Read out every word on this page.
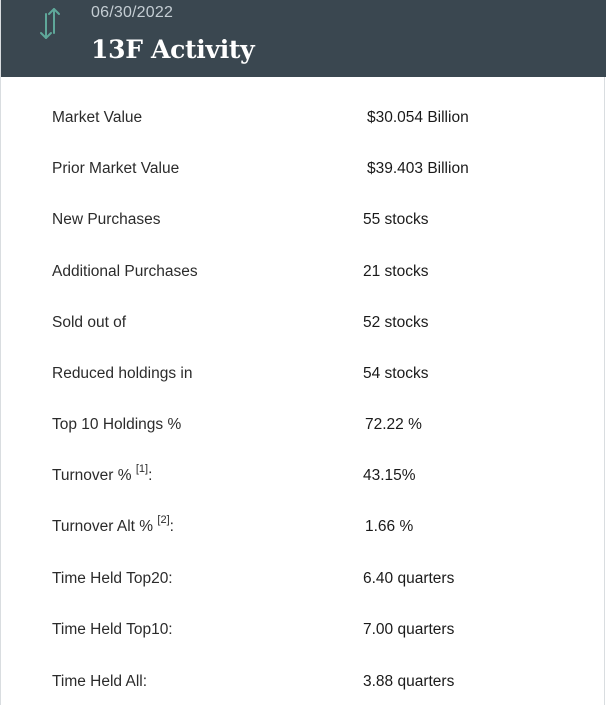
06/30/2022
13F Activity
Market Value	$30.054 Billion
Prior Market Value	$39.403 Billion
New Purchases	55 stocks
Additional Purchases	21 stocks
Sold out of	52 stocks
Reduced holdings in	54 stocks
Top 10 Holdings %	72.22 %
Turnover % [1]:	43.15%
Turnover Alt % [2]:	1.66 %
Time Held Top20:	6.40 quarters
Time Held Top10:	7.00 quarters
Time Held All:	3.88 quarters
